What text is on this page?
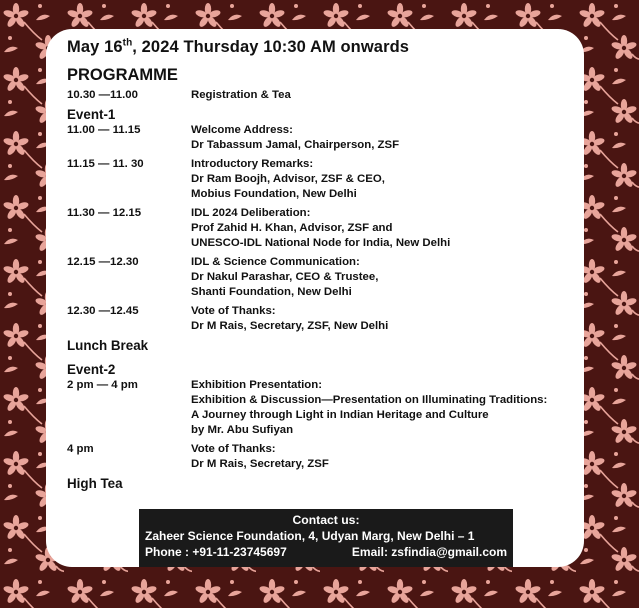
May 16th, 2024 Thursday 10:30 AM onwards
PROGRAMME
10.30 —11.00	Registration & Tea
Event-1
11.00 — 11.15	Welcome Address:
Dr Tabassum Jamal, Chairperson, ZSF
11.15 — 11. 30	Introductory Remarks:
Dr Ram Boojh, Advisor, ZSF & CEO,
Mobius Foundation, New Delhi
11.30 — 12.15	IDL 2024 Deliberation:
Prof Zahid H. Khan, Advisor, ZSF and
UNESCO-IDL National Node for India, New Delhi
12.15 —12.30	IDL & Science Communication:
Dr Nakul Parashar, CEO & Trustee,
Shanti Foundation, New Delhi
12.30 —12.45	Vote of Thanks:
Dr M Rais, Secretary, ZSF, New Delhi
Lunch Break
Event-2
2 pm — 4 pm	Exhibition Presentation:
Exhibition & Discussion—Presentation on Illuminating Traditions:
A Journey through Light in Indian Heritage and Culture
by Mr. Abu Sufiyan
4 pm	Vote of Thanks:
Dr M Rais, Secretary, ZSF
High Tea
Contact us:
Zaheer Science Foundation, 4, Udyan Marg, New Delhi – 1
Phone : +91-11-23745697	Email: zsfindia@gmail.com
